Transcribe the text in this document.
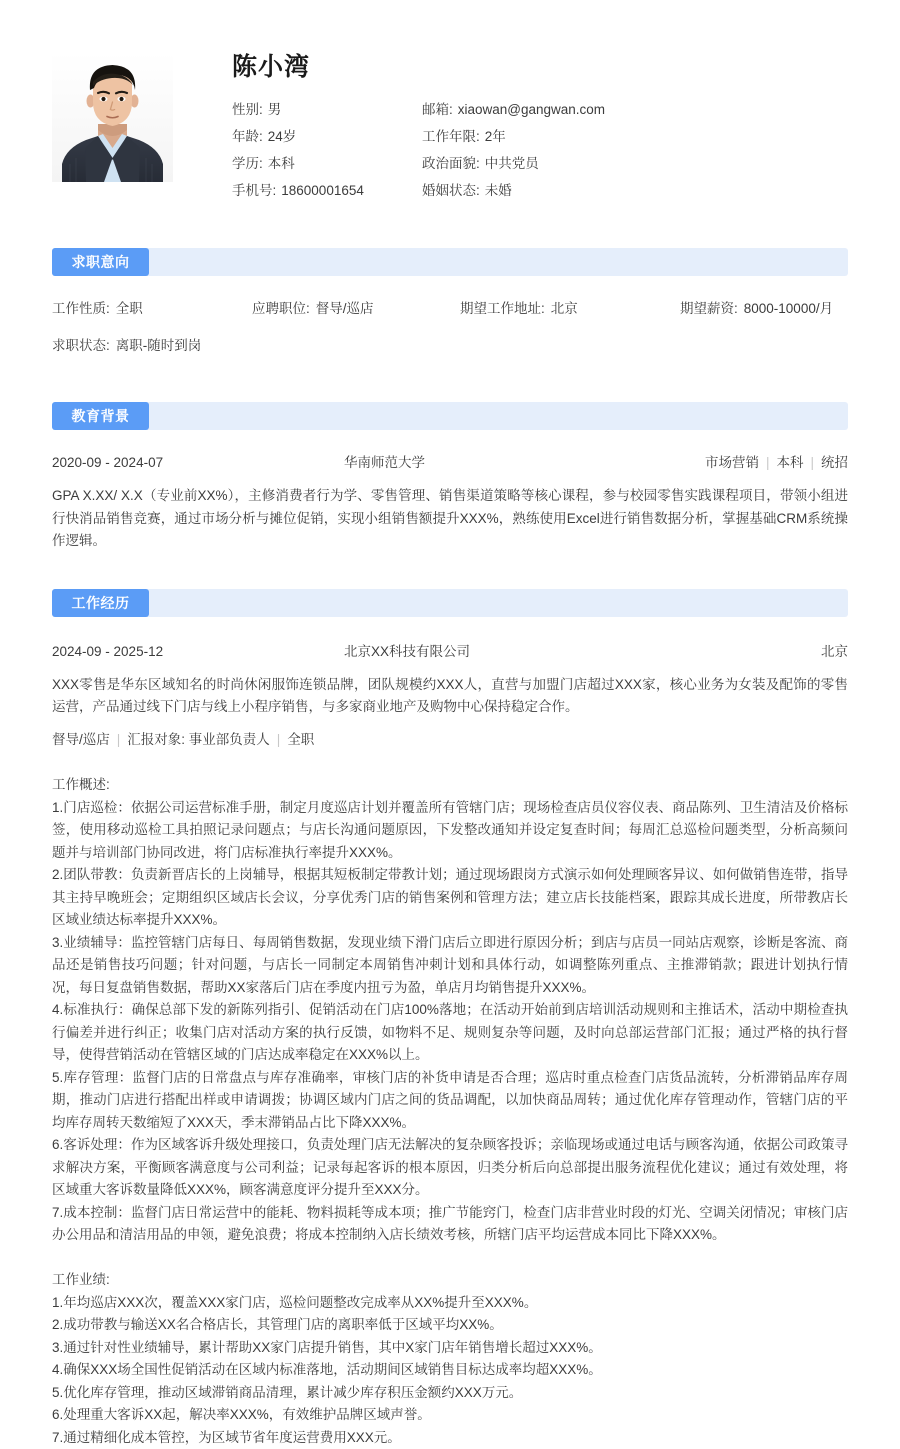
陈小湾
性别: 男	邮箱: xiaowan@gangwan.com
年龄: 24岁	工作年限: 2年
学历: 本科	政治面貌: 中共党员
手机号: 18600001654	婚姻状态: 未婚
求职意向
工作性质: 全职	应聘职位: 督导/巡店	期望工作地址: 北京	期望薪资: 8000-10000/月
求职状态: 离职-随时到岗
教育背景
2020-09 - 2024-07	华南师范大学	市场营销 | 本科 | 统招
GPA X.XX/ X.X（专业前XX%），主修消费者行为学、零售管理、销售渠道策略等核心课程，参与校园零售实践课程项目，带领小组进行快消品销售竞赛，通过市场分析与摊位促销，实现小组销售额提升XXX%，熟练使用Excel进行销售数据分析，掌握基础CRM系统操作逻辑。
工作经历
2024-09 - 2025-12	北京XX科技有限公司	北京
XXX零售是华东区域知名的时尚休闲服饰连锁品牌，团队规模约XXX人，直营与加盟门店超过XXX家，核心业务为女装及配饰的零售运营，产品通过线下门店与线上小程序销售，与多家商业地产及购物中心保持稳定合作。
督导/巡店 | 汇报对象: 事业部负责人 | 全职
工作概述:

1.门店巡检：依据公司运营标准手册，制定月度巡店计划并覆盖所有管辖门店；现场检查店员仪容仪表、商品陈列、卫生清洁及价格标签，使用移动巡检工具拍照记录问题点；与店长沟通问题原因，下发整改通知并设定复查时间；每周汇总巡检问题类型，分析高频问题并与培训部门协同改进，将门店标准执行率提升XXX%。

2.团队带教：负责新晋店长的上岗辅导，根据其短板制定带教计划；通过现场跟岗方式演示如何处理顾客异议、如何做销售连带，指导其主持早晚班会；定期组织区域店长会议，分享优秀门店的销售案例和管理方法；建立店长技能档案，跟踪其成长进度，所带教店长区域业绩达标率提升XXX%。

3.业绩辅导：监控管辖门店每日、每周销售数据，发现业绩下滑门店后立即进行原因分析；到店与店员一同站店观察，诊断是客流、商品还是销售技巧问题；针对问题，与店长一同制定本周销售冲刺计划和具体行动，如调整陈列重点、主推滞销款；跟进计划执行情况，每日复盘销售数据，帮助XX家落后门店在季度内扭亏为盈，单店月均销售提升XXX%。

4.标准执行：确保总部下发的新陈列指引、促销活动在门店100%落地；在活动开始前到店培训活动规则和主推话术，活动中期检查执行偏差并进行纠正；收集门店对活动方案的执行反馈，如物料不足、规则复杂等问题，及时向总部运营部门汇报；通过严格的执行督导，使得营销活动在管辖区域的门店达成率稳定在XXX%以上。

5.库存管理：监督门店的日常盘点与库存准确率，审核门店的补货申请是否合理；巡店时重点检查门店货品流转，分析滞销品库存周期，推动门店进行搭配出样或申请调拨；协调区域内门店之间的货品调配，以加快商品周转；通过优化库存管理动作，管辖门店的平均库存周转天数缩短了XXX天，季末滞销品占比下降XXX%。

6.客诉处理：作为区域客诉升级处理接口，负责处理门店无法解决的复杂顾客投诉；亲临现场或通过电话与顾客沟通，依据公司政策寻求解决方案，平衡顾客满意度与公司利益；记录每起客诉的根本原因，归类分析后向总部提出服务流程优化建议；通过有效处理，将区域重大客诉数量降低XXX%，顾客满意度评分提升至XXX分。

7.成本控制：监督门店日常运营中的能耗、物料损耗等成本项；推广节能窍门，检查门店非营业时段的灯光、空调关闭情况；审核门店办公用品和清洁用品的申领，避免浪费；将成本控制纳入店长绩效考核，所辖门店平均运营成本同比下降XXX%。

工作业绩:

1.年均巡店XXX次，覆盖XXX家门店，巡检问题整改完成率从XX%提升至XXX%。

2.成功带教与输送XX名合格店长，其管理门店的离职率低于区域平均XX%。

3.通过针对性业绩辅导，累计帮助XX家门店提升销售，其中X家门店年销售增长超过XXX%。

4.确保XXX场全国性促销活动在区域内标准落地，活动期间区域销售目标达成率均超XXX%。

5.优化库存管理，推动区域滞销商品清理，累计减少库存积压金额约XXX万元。

6.处理重大客诉XX起，解决率XXX%，有效维护品牌区域声誉。

7.通过精细化成本管控，为区域节省年度运营费用XXX元。
